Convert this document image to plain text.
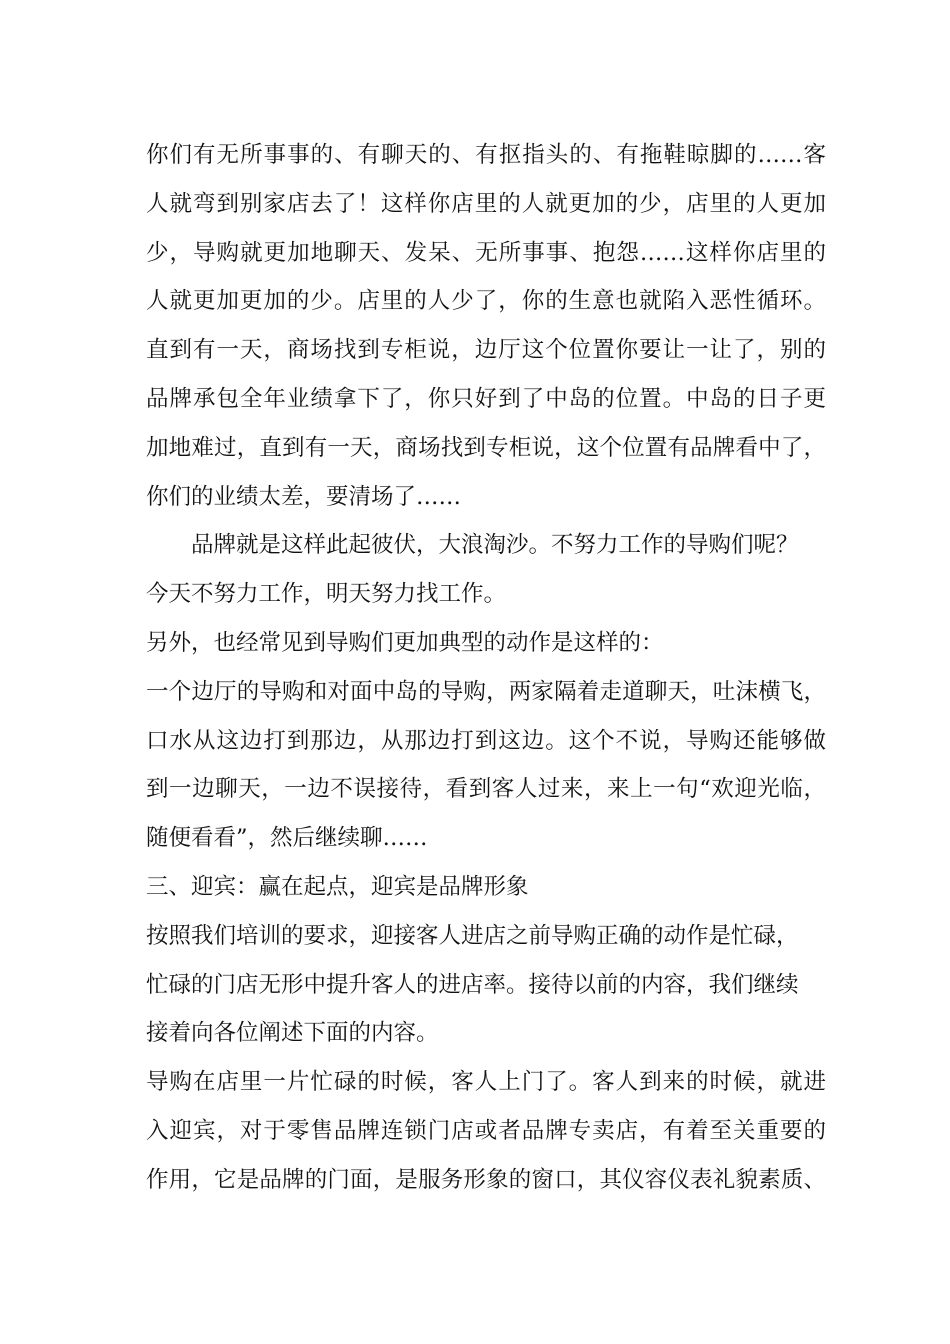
你们有无所事事的、有聊天的、有抠指头的、有拖鞋晾脚的……客
人就弯到别家店去了！这样你店里的人就更加的少，店里的人更加
少，导购就更加地聊天、发呆、无所事事、抱怨……这样你店里的
人就更加更加的少。店里的人少了，你的生意也就陷入恶性循环。
直到有一天，商场找到专柜说，边厅这个位置你要让一让了，别的
品牌承包全年业绩拿下了，你只好到了中岛的位置。中岛的日子更
加地难过，直到有一天，商场找到专柜说，这个位置有品牌看中了，
你们的业绩太差，要清场了……
品牌就是这样此起彼伏，大浪淘沙。不努力工作的导购们呢？
今天不努力工作，明天努力找工作。
另外，也经常见到导购们更加典型的动作是这样的：
一个边厅的导购和对面中岛的导购，两家隔着走道聊天，吐沫横飞，
口水从这边打到那边，从那边打到这边。这个不说，导购还能够做
到一边聊天，一边不误接待，看到客人过来，来上一句“欢迎光临，
随便看看”，然后继续聊……
三、迎宾：赢在起点，迎宾是品牌形象
按照我们培训的要求，迎接客人进店之前导购正确的动作是忙碌，
忙碌的门店无形中提升客人的进店率。接待以前的内容，我们继续
接着向各位阐述下面的内容。
导购在店里一片忙碌的时候，客人上门了。客人到来的时候，就进
入迎宾，对于零售品牌连锁门店或者品牌专卖店，有着至关重要的
作用，它是品牌的门面，是服务形象的窗口，其仪容仪表礼貌素质、
